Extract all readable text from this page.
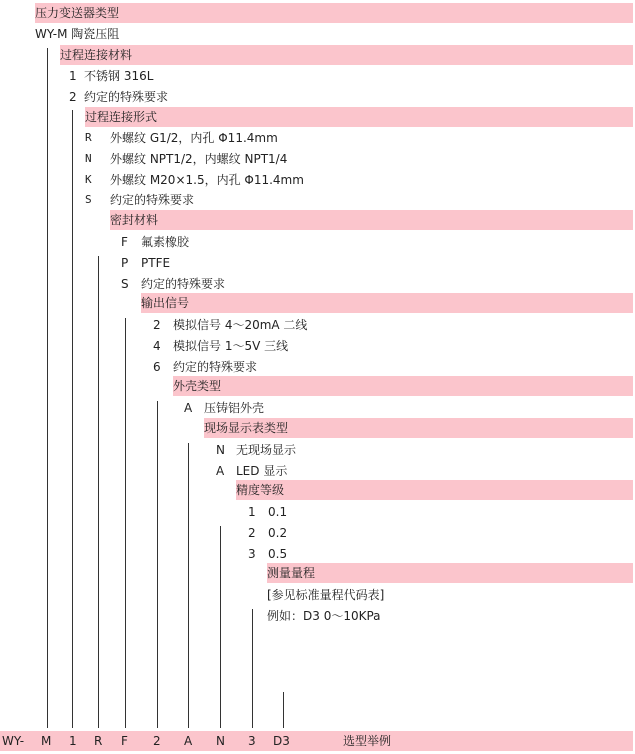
压力变送器类型
WY-M 陶瓷压阻
过程连接材料
1 不锈钢 316L
2 约定的特殊要求
过程连接形式
R 外螺纹 G1/2，内孔 Φ11.4mm
N 外螺纹 NPT1/2，内螺纹 NPT1/4
K 外螺纹 M20×1.5，内孔 Φ11.4mm
S 约定的特殊要求
密封材料
F 氟素橡胶
P PTFE
S 约定的特殊要求
输出信号
2 模拟信号 4～20mA 二线
4 模拟信号 1～5V 三线
6 约定的特殊要求
外壳类型
A 压铸铝外壳
现场显示表类型
N 无现场显示
A LED 显示
精度等级
1 0.1
2 0.2
3 0.5
测量量程
[参见标准量程代码表]
例如：D3 0～10KPa
WY- M 1 R F 2 A N 3 D3	选型举例
